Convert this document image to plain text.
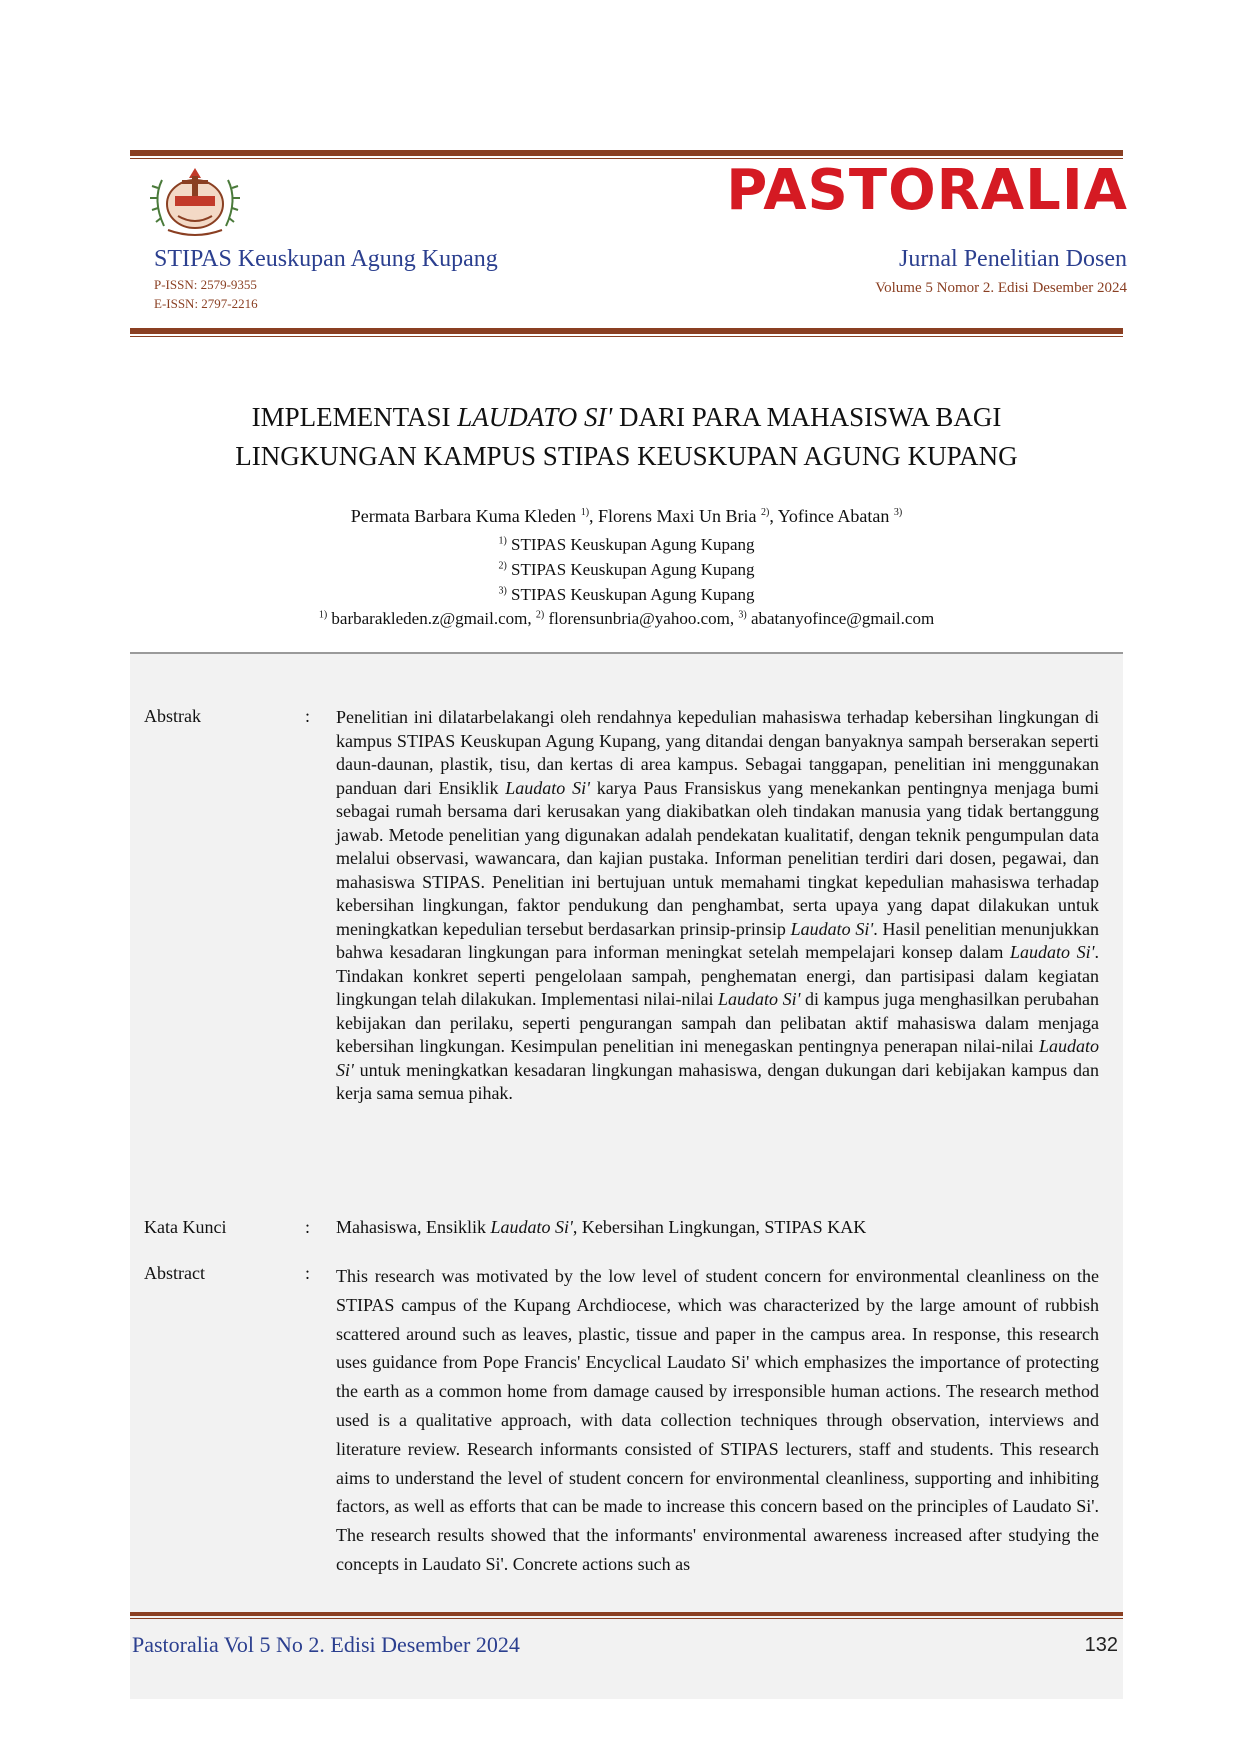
PASTORALIA
STIPAS Keuskupan Agung Kupang
P-ISSN: 2579-9355
E-ISSN: 2797-2216
Jurnal Penelitian Dosen
Volume 5 Nomor 2. Edisi Desember 2024
IMPLEMENTASI LAUDATO SI' DARI PARA MAHASISWA BAGI
LINGKUNGAN KAMPUS STIPAS KEUSKUPAN AGUNG KUPANG
Permata Barbara Kuma Kleden $^{1)}$, Florens Maxi Un Bria $^{2)}$, Yofince Abatan $^{3)}$
$^{1)}$ STIPAS Keuskupan Agung Kupang
$^{2)}$ STIPAS Keuskupan Agung Kupang
$^{3)}$ STIPAS Keuskupan Agung Kupang
$^{1)}$ barbarakleden.z@gmail.com, $^{2)}$ florensunbria@yahoo.com, $^{3)}$ abatanyofince@gmail.com
Abstrak	: Penelitian ini dilatarbelakangi oleh rendahnya kepedulian mahasiswa terhadap kebersihan lingkungan di kampus STIPAS Keuskupan Agung Kupang, yang ditandai dengan banyaknya sampah berserakan seperti daun-daunan, plastik, tisu, dan kertas di area kampus. Sebagai tanggapan, penelitian ini menggunakan panduan dari Ensiklik Laudato Si' karya Paus Fransiskus yang menekankan pentingnya menjaga bumi sebagai rumah bersama dari kerusakan yang diakibatkan oleh tindakan manusia yang tidak bertanggung jawab. Metode penelitian yang digunakan adalah pendekatan kualitatif, dengan teknik pengumpulan data melalui observasi, wawancara, dan kajian pustaka. Informan penelitian terdiri dari dosen, pegawai, dan mahasiswa STIPAS. Penelitian ini bertujuan untuk memahami tingkat kepedulian mahasiswa terhadap kebersihan lingkungan, faktor pendukung dan penghambat, serta upaya yang dapat dilakukan untuk meningkatkan kepedulian tersebut berdasarkan prinsip-prinsip Laudato Si'. Hasil penelitian menunjukkan bahwa kesadaran lingkungan para informan meningkat setelah mempelajari konsep dalam Laudato Si'. Tindakan konkret seperti pengelolaan sampah, penghematan energi, dan partisipasi dalam kegiatan lingkungan telah dilakukan. Implementasi nilai-nilai Laudato Si' di kampus juga menghasilkan perubahan kebijakan dan perilaku, seperti pengurangan sampah dan pelibatan aktif mahasiswa dalam menjaga kebersihan lingkungan. Kesimpulan penelitian ini menegaskan pentingnya penerapan nilai-nilai Laudato Si' untuk meningkatkan kesadaran lingkungan mahasiswa, dengan dukungan dari kebijakan kampus dan kerja sama semua pihak.
Kata Kunci	: Mahasiswa, Ensiklik Laudato Si', Kebersihan Lingkungan, STIPAS KAK
Abstract	: This research was motivated by the low level of student concern for environmental cleanliness on the STIPAS campus of the Kupang Archdiocese, which was characterized by the large amount of rubbish scattered around such as leaves, plastic, tissue and paper in the campus area. In response, this research uses guidance from Pope Francis' Encyclical Laudato Si' which emphasizes the importance of protecting the earth as a common home from damage caused by irresponsible human actions. The research method used is a qualitative approach, with data collection techniques through observation, interviews and literature review. Research informants consisted of STIPAS lecturers, staff and students. This research aims to understand the level of student concern for environmental cleanliness, supporting and inhibiting factors, as well as efforts that can be made to increase this concern based on the principles of Laudato Si'. The research results showed that the informants' environmental awareness increased after studying the concepts in Laudato Si'. Concrete actions such as
Pastoralia Vol 5 No 2. Edisi Desember 2024	132
